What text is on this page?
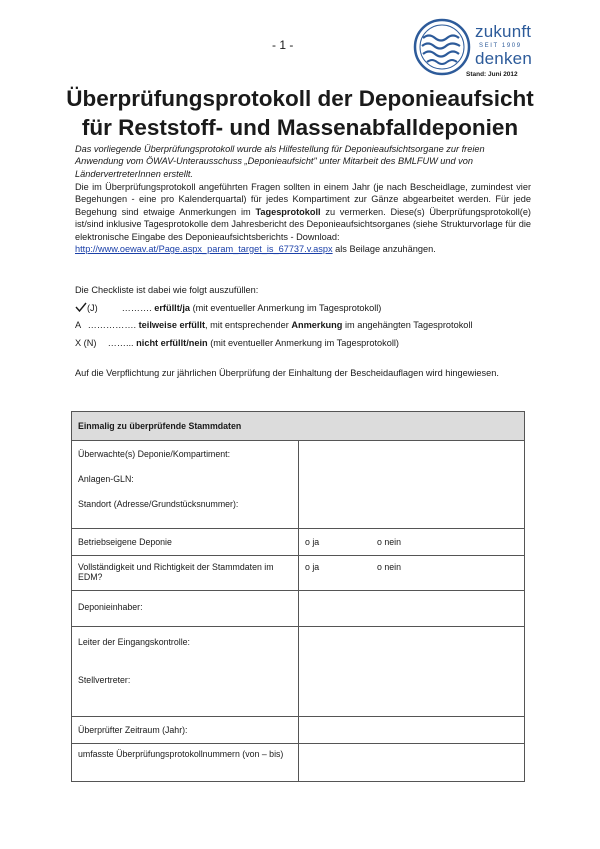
- 1 -
zukunft
SEIT 1909
denken
Stand: Juni 2012
Überprüfungsprotokoll der Deponieaufsicht
für Reststoff- und Massenabfalldeponien
Das vorliegende Überprüfungsprotokoll wurde als Hilfestellung für Deponieaufsichtsorgane zur freien Anwendung vom ÖWAV-Unterausschuss „Deponieaufsicht" unter Mitarbeit des BMLFUW und von LändervertreterInnen erstellt.
Die im Überprüfungsprotokoll angeführten Fragen sollten in einem Jahr (je nach Bescheidlage, zumindest vier Begehungen - eine pro Kalenderquartal) für jedes Kompartiment zur Gänze abgearbeitet werden. Für jede Begehung sind etwaige Anmerkungen im Tagesprotokoll zu vermerken. Diese(s) Überprüfungsprotokoll(e) ist/sind inklusive Tagesprotokolle dem Jahresbericht des Deponieaufsichtsorganes (siehe Strukturvorlage für die elektronische Eingabe des Deponieaufsichtsberichts - Download:
http://www.oewav.at/Page.aspx_param_target_is_67737.v.aspx als Beilage anzuhängen.
Die Checkliste ist dabei wie folgt auszufüllen:
(J)	………. erfüllt/ja (mit eventueller Anmerkung im Tagesprotokoll)
A ……………. teilweise erfüllt, mit entsprechender Anmerkung im angehängten Tagesprotokoll
X (N) ……... nicht erfüllt/nein (mit eventueller Anmerkung im Tagesprotokoll)
Auf die Verpflichtung zur jährlichen Überprüfung der Einhaltung der Bescheidauflagen wird hingewiesen.
Einmalig zu überprüfende Stammdaten	

Überwachte(s) Deponie/Kompartiment:
Anlagen-GLN:
Standort (Adresse/Grundstücksnummer):	

Betriebseigene Deponie	o ja o nein
Vollständigkeit und Richtigkeit der Stammdaten im EDM?	o ja o nein
Deponieinhaber:	

Leiter der Eingangskontrolle:
Stellvertreter:	

Überprüfter Zeitraum (Jahr):	
umfasste Überprüfungsprotokollnummern (von – bis)	
